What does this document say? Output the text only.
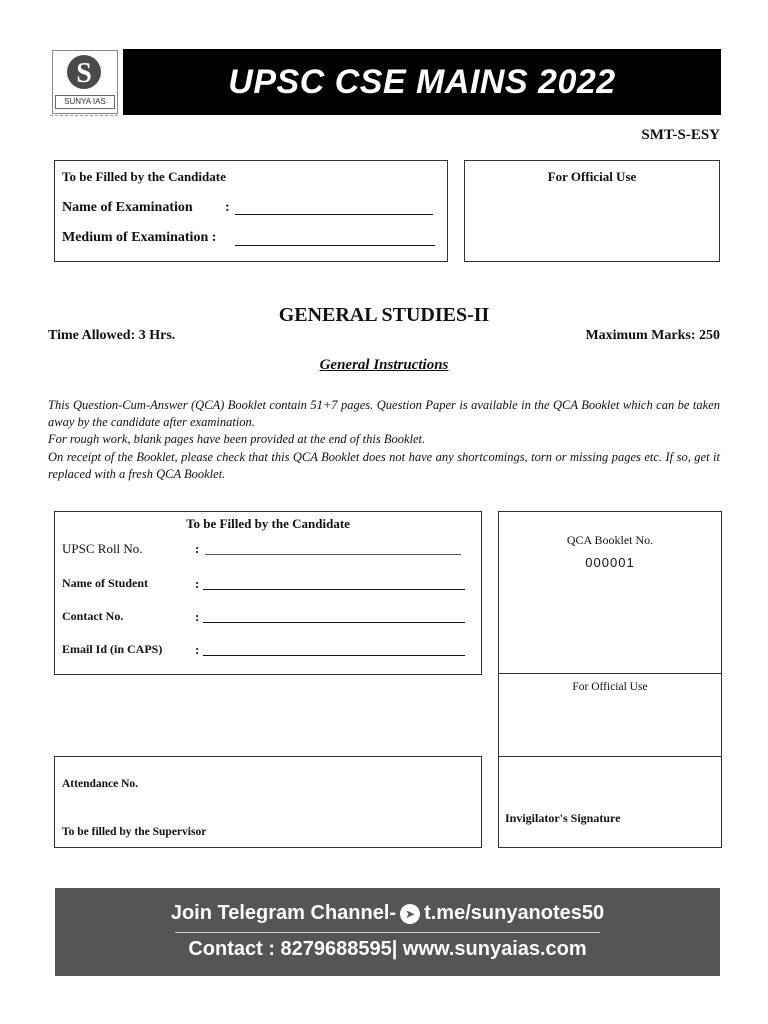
S
SUNYA IAS
UPSC CSE MAINS 2022
SMT-S-ESY
To be Filled by the Candidate
Name of Examination :
Medium of Examination :
For Official Use
GENERAL STUDIES-II
Time Allowed: 3 Hrs.	Maximum Marks: 250
General Instructions
This Question-Cum-Answer (QCA) Booklet contain 51+7 pages. Question Paper is available in the QCA Booklet which can be taken away by the candidate after examination.
For rough work, blank pages have been provided at the end of this Booklet.
On receipt of the Booklet, please check that this QCA Booklet does not have any shortcomings, torn or missing pages etc. If so, get it replaced with a fresh QCA Booklet.
To be Filled by the Candidate
UPSC Roll No.	:
Name of Student	:
Contact No.	:
Email Id (in CAPS)	:
QCA Booklet No.
000001
For Official Use
Invigilator's Signature
Attendance No.
To be filled by the Supervisor
Join Telegram Channel- ➤ t.me/sunyanotes50
Contact : 8279688595| www.sunyaias.com
